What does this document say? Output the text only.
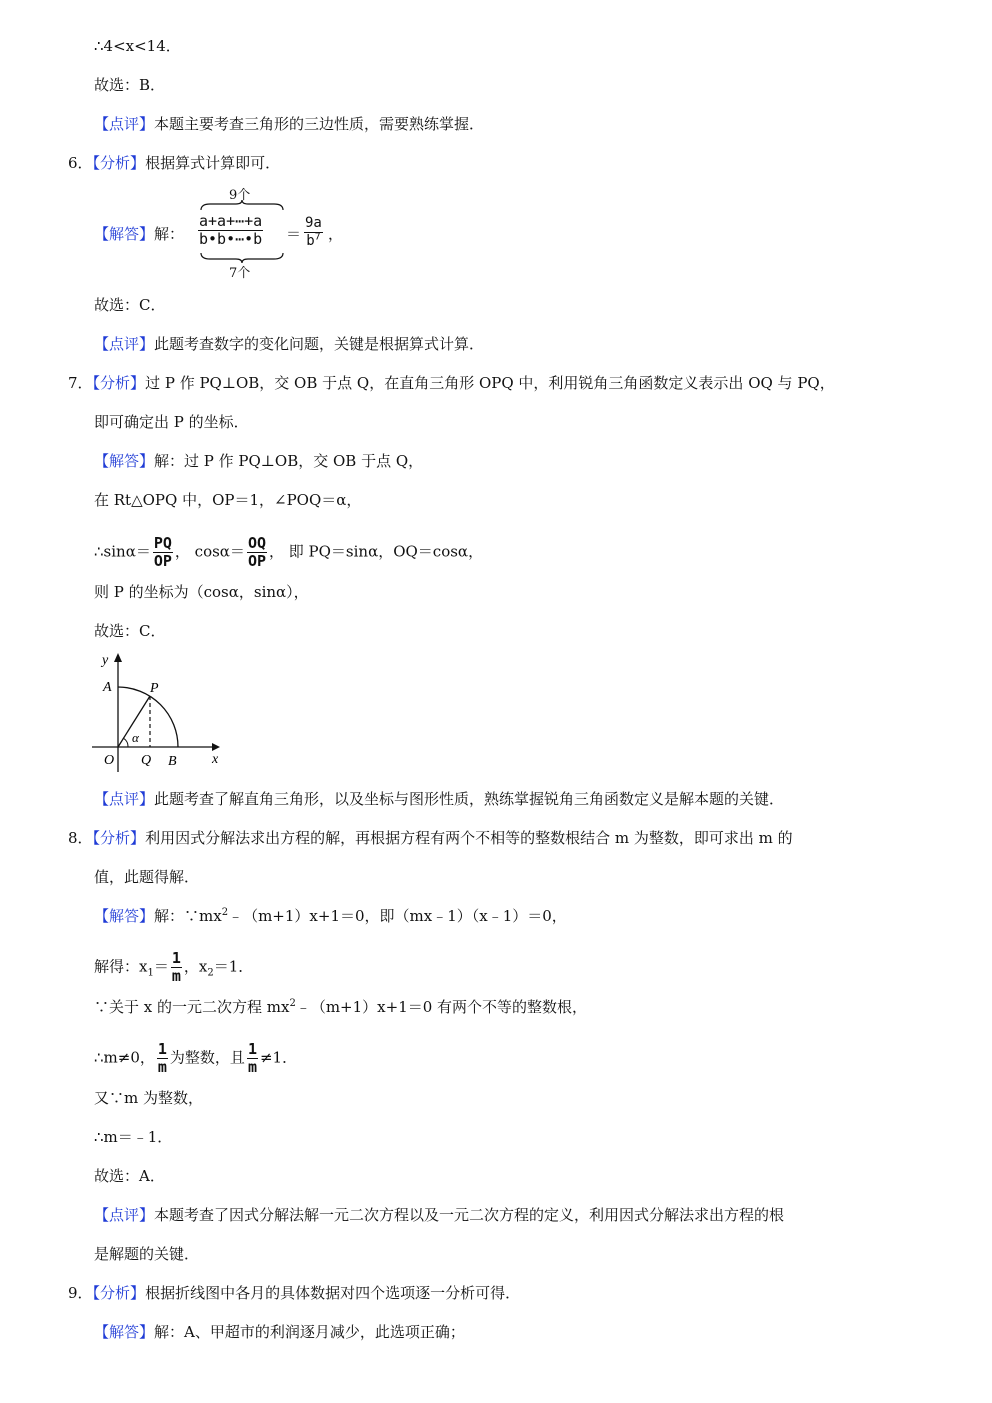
∴4<x<14．
故选：B．
【点评】本题主要考查三角形的三边性质，需要熟练掌握．
6．【分析】根据算式计算即可．
【解答】解：
9个
$\frac{a+a+\cdots+a}{b•b•\cdots•b}$
7个
＝ $\frac{9a}{b^7}$ ，
故选：C．
【点评】此题考查数字的变化问题，关键是根据算式计算．
7．【分析】过 P 作 PQ⊥OB，交 OB 于点 Q，在直角三角形 OPQ 中，利用锐角三角函数定义表示出 OQ 与 PQ，
即可确定出 P 的坐标．
【解答】解：过 P 作 PQ⊥OB，交 OB 于点 Q，
在 Rt△OPQ 中，OP＝1，∠POQ＝α，
∴sinα＝ $\frac{PQ}{OP}$ ， $\cos\alpha= \frac{OQ}{OP}$ ， 即 PQ＝sinα，OQ＝cosα，
则 P 的坐标为（cosα，sinα），
故选：C．
y
x
A	P
O Q B
α
【点评】此题考查了解直角三角形，以及坐标与图形性质，熟练掌握锐角三角函数定义是解本题的关键．
8．【分析】利用因式分解法求出方程的解，再根据方程有两个不相等的整数根结合 m 为整数，即可求出 m 的
值，此题得解．
【解答】解：$\because mx^2﹣(m+1)x+1=0$，即（mx﹣1）（x﹣1）＝0，
解得：$x_1= \frac{1}{m}$ ，$x_2=1$．
∵关于 x 的一元二次方程 $mx^2﹣(m+1)x+1=0$ 有两个不等的整数根，
∴m≠0， $\frac{1}{m}$ 为整数，且 $\frac{1}{m} \ne 1$．
又∵m 为整数，
∴m＝﹣1．
故选：A．
【点评】本题考查了因式分解法解一元二次方程以及一元二次方程的定义，利用因式分解法求出方程的根
是解题的关键．
9．【分析】根据折线图中各月的具体数据对四个选项逐一分析可得．
【解答】解：A、甲超市的利润逐月减少，此选项正确；
